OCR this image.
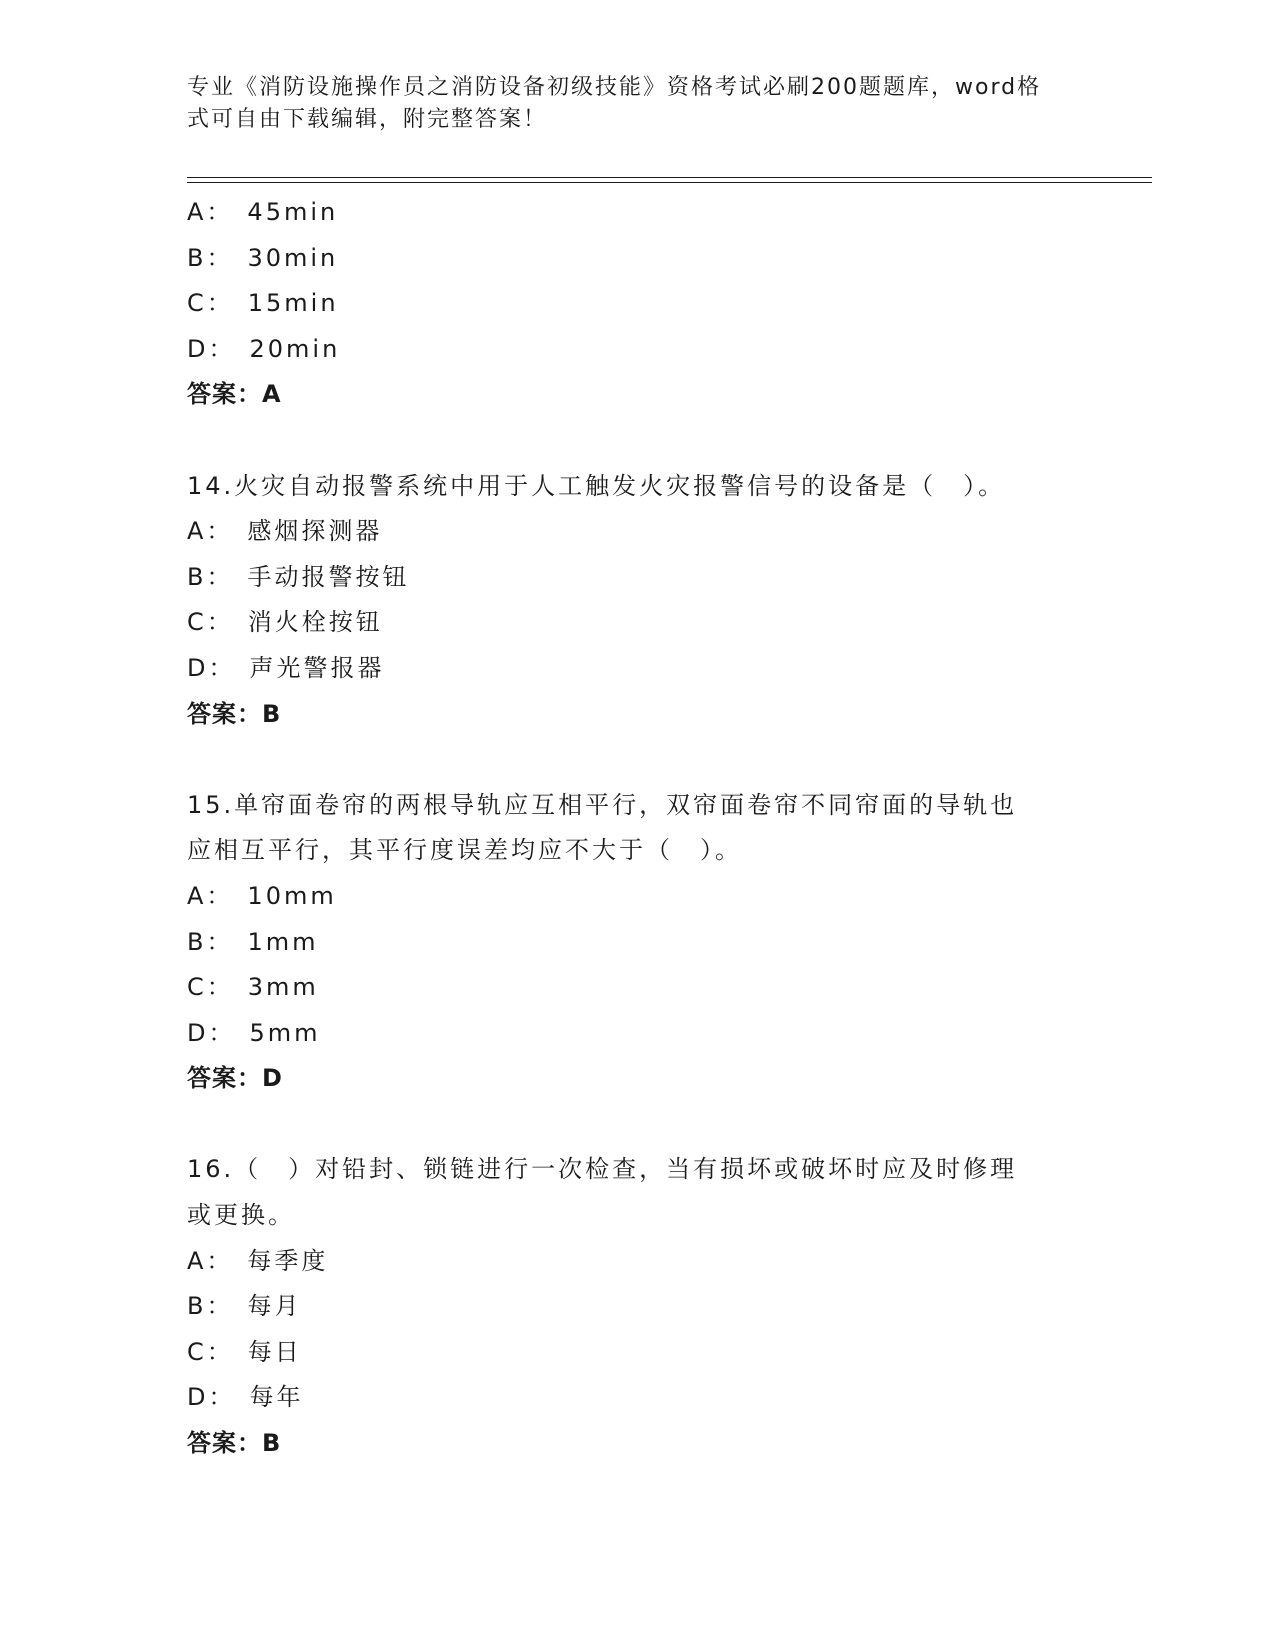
专业《消防设施操作员之消防设备初级技能》资格考试必刷200题题库，word格
式可自由下载编辑，附完整答案！
A： 45min
B： 30min
C： 15min
D： 20min
答案：A
14.火灾自动报警系统中用于人工触发火灾报警信号的设备是（　）。
A： 感烟探测器
B： 手动报警按钮
C： 消火栓按钮
D： 声光警报器
答案：B
15.单帘面卷帘的两根导轨应互相平行，双帘面卷帘不同帘面的导轨也
应相互平行，其平行度误差均应不大于（　）。
A： 10mm
B： 1mm
C： 3mm
D： 5mm
答案：D
16.（　）对铅封、锁链进行一次检查，当有损坏或破坏时应及时修理
或更换。
A： 每季度
B： 每月
C： 每日
D： 每年
答案：B
